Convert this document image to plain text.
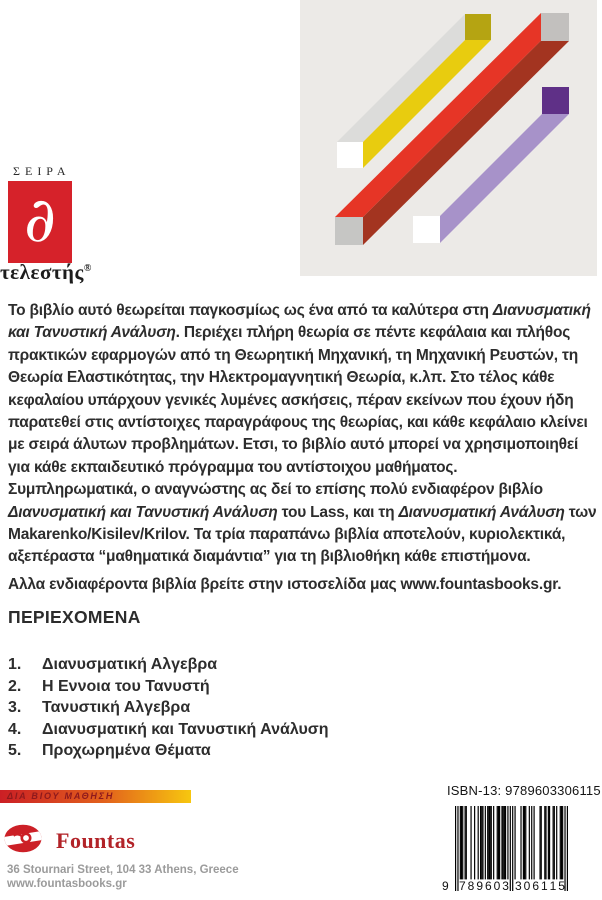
ΣΕΙΡΑ
∂
τελεστής®

Το βιβλίο αυτό θεωρείται παγκοσμίως ως ένα από τα καλύτερα στη Διανυσματική και Τανυστική Ανάλυση. Περιέχει πλήρη θεωρία σε πέντε κεφάλαια και πλήθος πρακτικών εφαρμογών από τη Θεωρητική Μηχανική, τη Μηχανική Ρευστών, τη Θεωρία Ελαστικότητας, την Ηλεκτρομαγνητική Θεωρία, κ.λπ. Στο τέλος κάθε κεφαλαίου υπάρχουν γενικές λυμένες ασκήσεις, πέραν εκείνων που έχουν ήδη παρατεθεί στις αντίστοιχες παραγράφους της θεωρίας, και κάθε κεφάλαιο κλείνει με σειρά άλυτων προβλημάτων. Ετσι, το βιβλίο αυτό μπορεί να χρησιμοποιηθεί για κάθε εκπαιδευτικό πρόγραμμα του αντίστοιχου μαθήματος.

Συμπληρωματικά, ο αναγνώστης ας δεί το επίσης πολύ ενδιαφέρον βιβλίο Διανυσματική και Τανυστική Ανάλυση του Lass, και τη Διανυσματική Ανάλυση των Makarenko/Kisilev/Krilov. Τα τρία παραπάνω βιβλία αποτελούν, κυριολεκτικά, αξεπέραστα “μαθηματικά διαμάντια” για τη βιβλιοθήκη κάθε επιστήμονα.

Αλλα ενδιαφέροντα βιβλία βρείτε στην ιστοσελίδα μας www.fountasbooks.gr.

ΠΕΡΙΕΧΟΜΕΝΑ
1.	Διανυσματική Αλγεβρα
2.	Η Εννοια του Τανυστή
3.	Τανυστική Αλγεβρα
4.	Διανυσματική και Τανυστική Ανάλυση
5.	Προχωρημένα Θέματα
ΔΙΑ ΒΙΟΥ ΜΑΘΗΣΗ
Fountas
36 Stournari Street, 104 33 Athens, Greece
www.fountasbooks.gr
ISBN-13: 9789603306115
9 7 8 9 6 0 3 3 0 6 1 1 5
